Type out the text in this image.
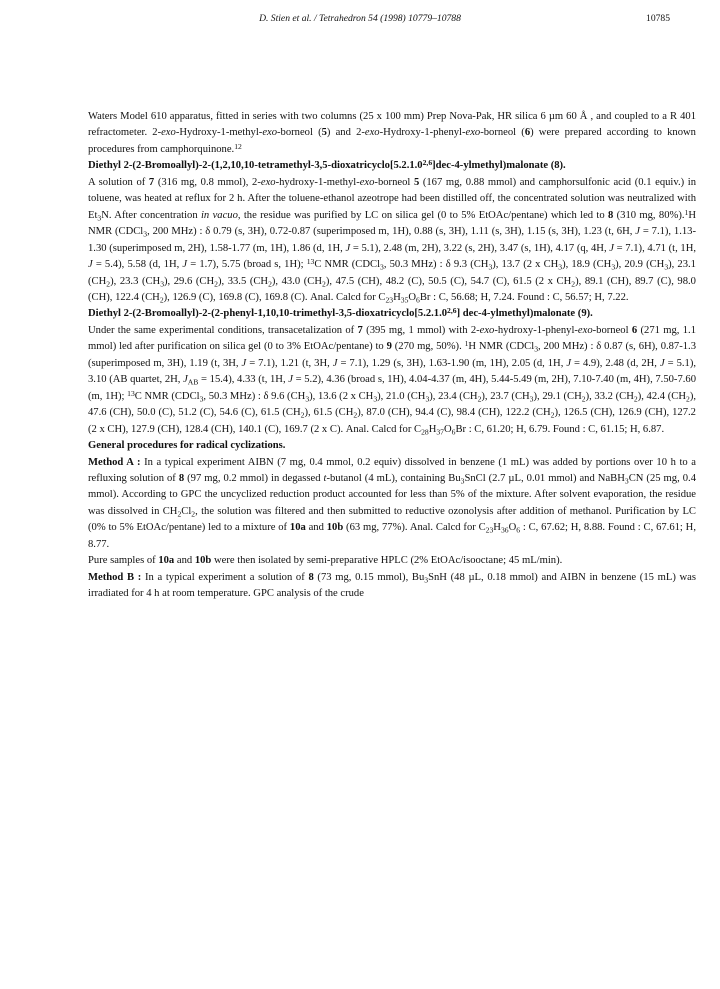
D. Stien et al. / Tetrahedron 54 (1998) 10779–10788	10785

Waters Model 610 apparatus, fitted in series with two columns (25 x 100 mm) Prep Nova-Pak, HR silica 6 µm 60 Å , and coupled to a R 401 refractometer. 2-exo-Hydroxy-1-methyl-exo-borneol (5) and 2-exo-Hydroxy-1-phenyl-exo-borneol (6) were prepared according to known procedures from camphorquinone.$^{12}$

Diethyl 2-(2-Bromoallyl)-2-(1,2,10,10-tetramethyl-3,5-dioxatricyclo[5.2.1.0$^{2,6}$]dec-4-ylmethyl)malonate (8).

A solution of 7 (316 mg, 0.8 mmol), 2-exo-hydroxy-1-methyl-exo-borneol 5 (167 mg, 0.88 mmol) and camphorsulfonic acid (0.1 equiv.) in toluene, was heated at reflux for 2 h. After the toluene-ethanol azeotrope had been distilled off, the concentrated solution was neutralized with $Et_3N$. After concentration in vacuo, the residue was purified by LC on silica gel (0 to 5% EtOAc/pentane) which led to 8 (310 mg, 80%).$^1$H NMR (CDCl$_3$, 200 MHz) : δ 0.79 (s, 3H), 0.72-0.87 (superimposed m, 1H), 0.88 (s, 3H), 1.11 (s, 3H), 1.15 (s, 3H), 1.23 (t, 6H, J = 7.1), 1.13-1.30 (superimposed m, 2H), 1.58-1.77 (m, 1H), 1.86 (d, 1H, J = 5.1), 2.48 (m, 2H), 3.22 (s, 2H), 3.47 (s, 1H), 4.17 (q, 4H, J = 7.1), 4.71 (t, 1H, J = 5.4), 5.58 (d, 1H, J = 1.7), 5.75 (broad s, 1H); $^{13}$C NMR (CDCl$_3$, 50.3 MHz) : δ 9.3 $(CH_3)$, 13.7 (2 x $CH_3$), 18.9 $(CH_3)$, 20.9 $(CH_3)$, 23.1 $(CH_2)$, 23.3 $(CH_3)$, 29.6 $(CH_2)$, 33.5 $(CH_2)$, 43.0 $(CH_2)$, 47.5 (CH), 48.2 (C), 50.5 (C), 54.7 (C), 61.5 (2 x $CH_2$), 89.1 (CH), 89.7 (C), 98.0 (CH), 122.4 $(CH_2)$, 126.9 (C), 169.8 (C), 169.8 (C). Anal. Calcd for $C_{23}H_{35}O_6Br$ : C, 56.68; H, 7.24. Found : C, 56.57; H, 7.22.

Diethyl 2-(2-Bromoallyl)-2-(2-phenyl-1,10,10-trimethyl-3,5-dioxatricyclo[5.2.1.0$^{2,6}$] dec-4-ylmethyl)malonate (9).

Under the same experimental conditions, transacetalization of 7 (395 mg, 1 mmol) with 2-exo-hydroxy-1-phenyl-exo-borneol 6 (271 mg, 1.1 mmol) led after purification on silica gel (0 to 3% EtOAc/pentane) to 9 (270 mg, 50%). $^1$H NMR (CDCl$_3$, 200 MHz) : δ 0.87 (s, 6H), 0.87-1.3 (superimposed m, 3H), 1.19 (t, 3H, J = 7.1), 1.21 (t, 3H, J = 7.1), 1.29 (s, 3H), 1.63-1.90 (m, 1H), 2.05 (d, 1H, J = 4.9), 2.48 (d, 2H, J = 5.1), 3.10 (AB quartet, 2H, $J_{AB} = 15.4$), 4.33 (t, 1H, J = 5.2), 4.36 (broad s, 1H), 4.04-4.37 (m, 4H), 5.44-5.49 (m, 2H), 7.10-7.40 (m, 4H), 7.50-7.60 (m, 1H); $^{13}$C NMR (CDCl$_3$, 50.3 MHz) : δ 9.6 $(CH_3)$, 13.6 (2 x $CH_3$), 21.0 $(CH_3)$, 23.4 $(CH_2)$, 23.7 $(CH_3)$, 29.1 $(CH_2)$, 33.2 $(CH_2)$, 42.4 $(CH_2)$, 47.6 (CH), 50.0 (C), 51.2 (C), 54.6 (C), 61.5 $(CH_2)$, 61.5 $(CH_2)$, 87.0 (CH), 94.4 (C), 98.4 (CH), 122.2 $(CH_2)$, 126.5 (CH), 126.9 (CH), 127.2 (2 x CH), 127.9 (CH), 128.4 (CH), 140.1 (C), 169.7 (2 x C). Anal. Calcd for $C_{28}H_{37}O_6Br$ : C, 61.20; H, 6.79. Found : C, 61.15; H, 6.87.

General procedures for radical cyclizations.

Method A : In a typical experiment AIBN (7 mg, 0.4 mmol, 0.2 equiv) dissolved in benzene (1 mL) was added by portions over 10 h to a refluxing solution of 8 (97 mg, 0.2 mmol) in degassed t-butanol (4 mL), containing $Bu_3SnCl$ (2.7 µL, 0.01 mmol) and NaBH$_3$CN (25 mg, 0.4 mmol). According to GPC the uncyclized reduction product accounted for less than 5% of the mixture. After solvent evaporation, the residue was dissolved in $CH_2Cl_2$, the solution was filtered and then submitted to reductive ozonolysis after addition of methanol. Purification by LC (0% to 5% EtOAc/pentane) led to a mixture of 10a and 10b (63 mg, 77%). Anal. Calcd for $C_{23}H_{36}O_6$ : C, 67.62; H, 8.88. Found : C, 67.61; H, 8.77.

Pure samples of 10a and 10b were then isolated by semi-preparative HPLC (2% EtOAc/isooctane; 45 mL/min).

Method B : In a typical experiment a solution of 8 (73 mg, 0.15 mmol), $Bu_3SnH$ (48 µL, 0.18 mmol) and AIBN in benzene (15 mL) was irradiated for 4 h at room temperature. GPC analysis of the crude
